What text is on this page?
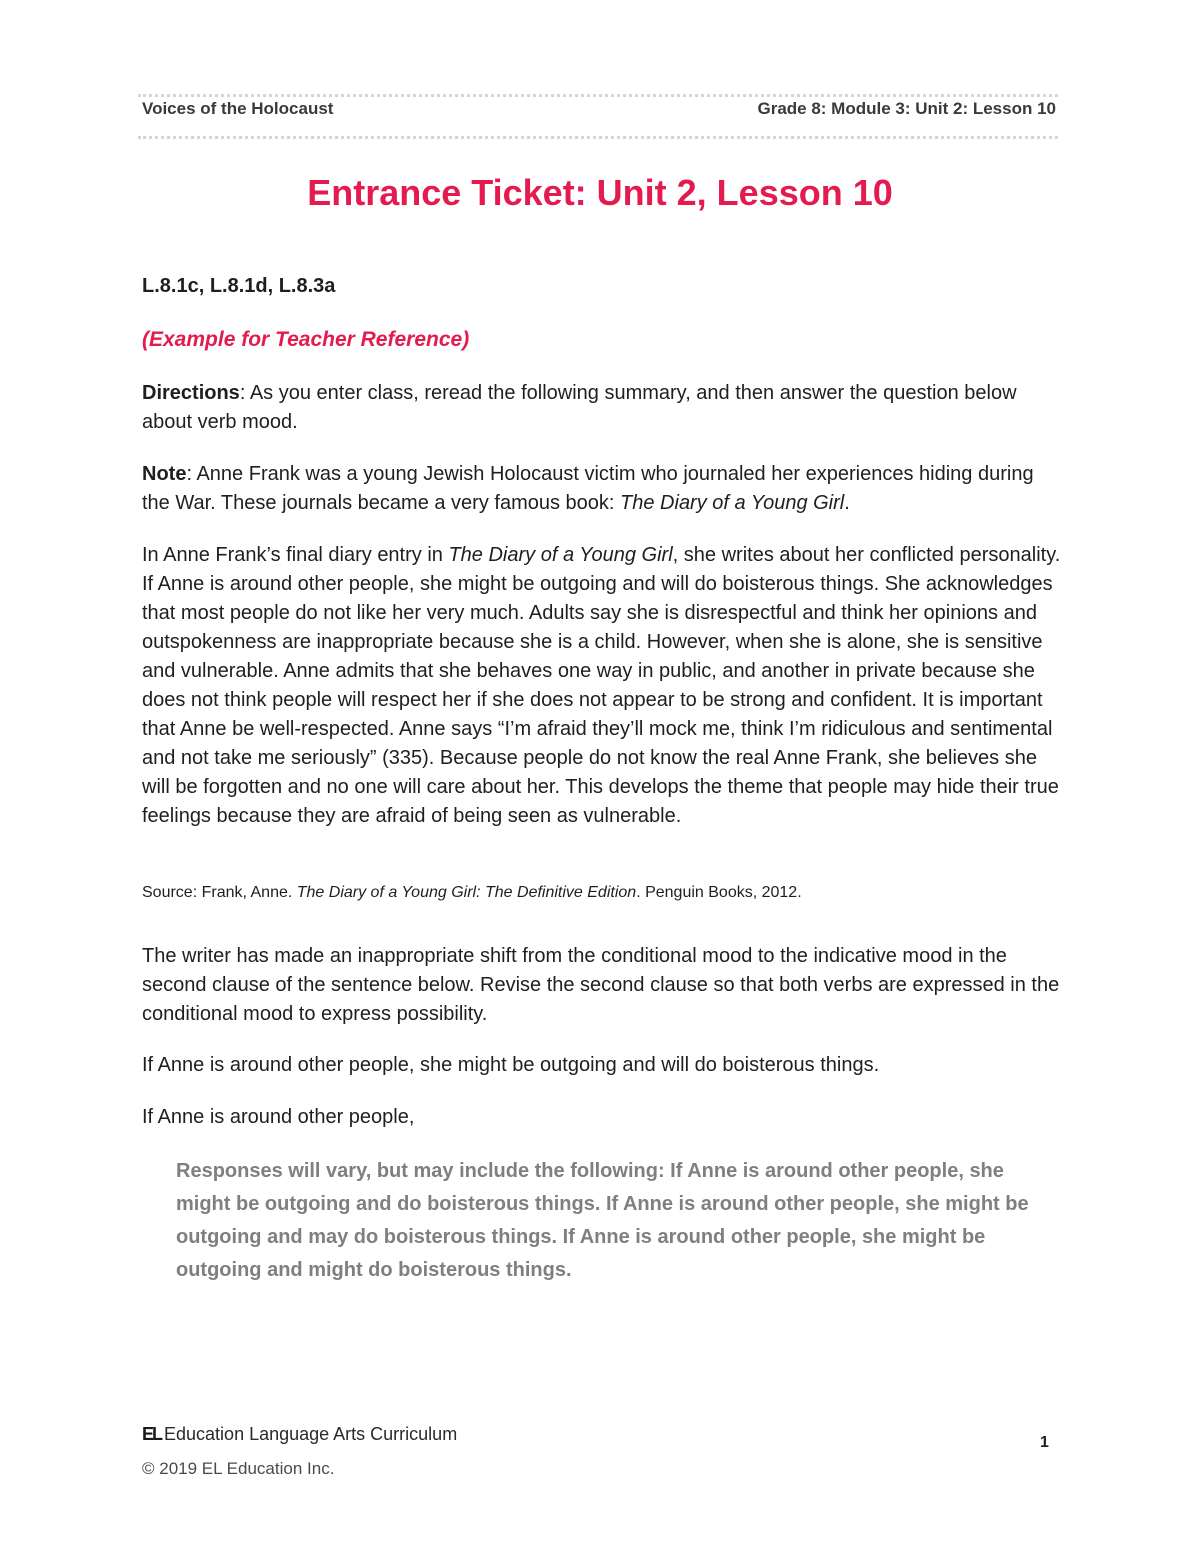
Voices of the Holocaust	Grade 8: Module 3: Unit 2: Lesson 10
Entrance Ticket: Unit 2, Lesson 10
L.8.1c, L.8.1d, L.8.3a
(Example for Teacher Reference)
Directions: As you enter class, reread the following summary, and then answer the question below about verb mood.
Note: Anne Frank was a young Jewish Holocaust victim who journaled her experiences hiding during the War. These journals became a very famous book: The Diary of a Young Girl.
In Anne Frank’s final diary entry in The Diary of a Young Girl, she writes about her conflicted personality. If Anne is around other people, she might be outgoing and will do boisterous things. She acknowledges that most people do not like her very much. Adults say she is disrespectful and think her opinions and outspokenness are inappropriate because she is a child. However, when she is alone, she is sensitive and vulnerable. Anne admits that she behaves one way in public, and another in private because she does not think people will respect her if she does not appear to be strong and confident. It is important that Anne be well-respected. Anne says “I’m afraid they’ll mock me, think I’m ridiculous and sentimental and not take me seriously” (335). Because people do not know the real Anne Frank, she believes she will be forgotten and no one will care about her. This develops the theme that people may hide their true feelings because they are afraid of being seen as vulnerable.
Source: Frank, Anne. The Diary of a Young Girl: The Definitive Edition. Penguin Books, 2012.
The writer has made an inappropriate shift from the conditional mood to the indicative mood in the second clause of the sentence below. Revise the second clause so that both verbs are expressed in the conditional mood to express possibility.
If Anne is around other people, she might be outgoing and will do boisterous things.
If Anne is around other people,
Responses will vary, but may include the following: If Anne is around other people, she might be outgoing and do boisterous things. If Anne is around other people, she might be outgoing and may do boisterous things. If Anne is around other people, she might be outgoing and might do boisterous things.
EL Education Language Arts Curriculum
© 2019 EL Education Inc.
1
